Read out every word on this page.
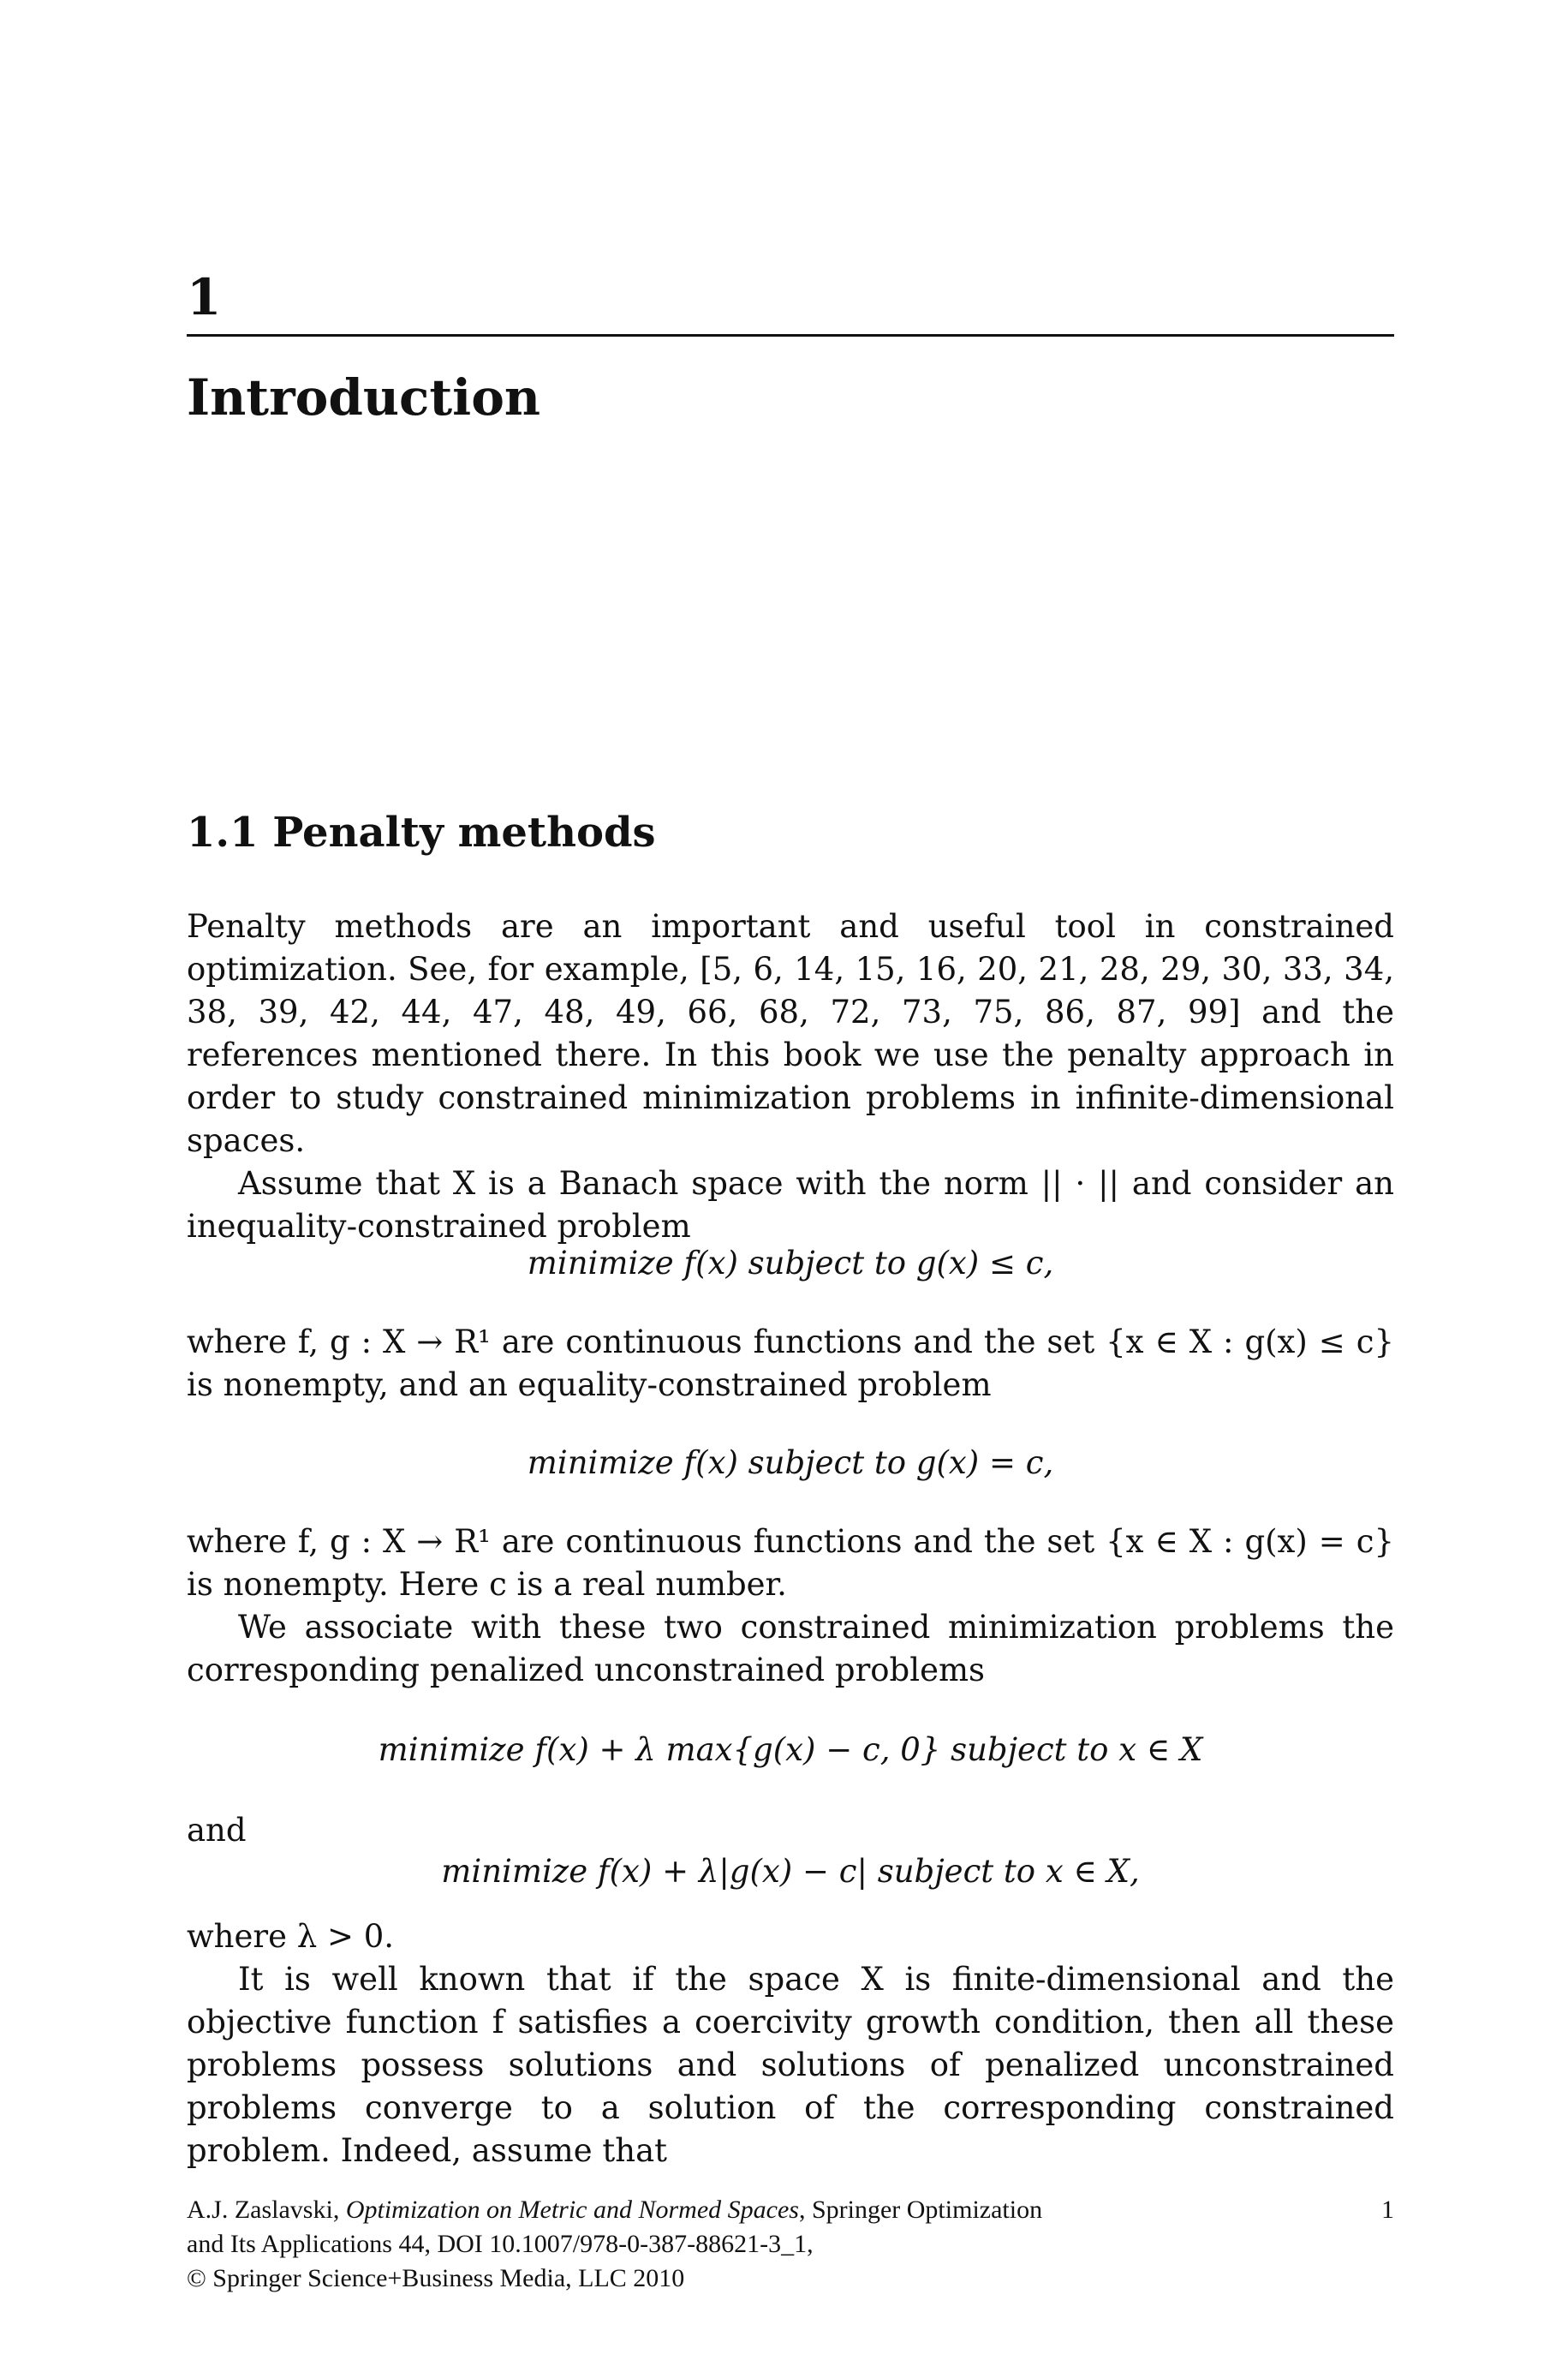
1
Introduction
1.1 Penalty methods

Penalty methods are an important and useful tool in constrained optimization. See, for example, [5, 6, 14, 15, 16, 20, 21, 28, 29, 30, 33, 34, 38, 39, 42, 44, 47, 48, 49, 66, 68, 72, 73, 75, 86, 87, 99] and the references mentioned there. In this book we use the penalty approach in order to study constrained minimization problems in infinite-dimensional spaces.

Assume that X is a Banach space with the norm || · || and consider an inequality-constrained problem

minimize f(x) subject to g(x) ≤ c,

where f, g : X → R¹ are continuous functions and the set {x ∈ X : g(x) ≤ c} is nonempty, and an equality-constrained problem

minimize f(x) subject to g(x) = c,

where f, g : X → R¹ are continuous functions and the set {x ∈ X : g(x) = c} is nonempty. Here c is a real number.

We associate with these two constrained minimization problems the corresponding penalized unconstrained problems

minimize f(x) + λ max{g(x) − c, 0} subject to x ∈ X

and

minimize f(x) + λ|g(x) − c| subject to x ∈ X,

where λ > 0.

It is well known that if the space X is finite-dimensional and the objective function f satisfies a coercivity growth condition, then all these problems possess solutions and solutions of penalized unconstrained problems converge to a solution of the corresponding constrained problem. Indeed, assume that

A.J. Zaslavski, Optimization on Metric and Normed Spaces, Springer Optimization
and Its Applications 44, DOI 10.1007/978-0-387-88621-3_1,
© Springer Science+Business Media, LLC 2010
1
